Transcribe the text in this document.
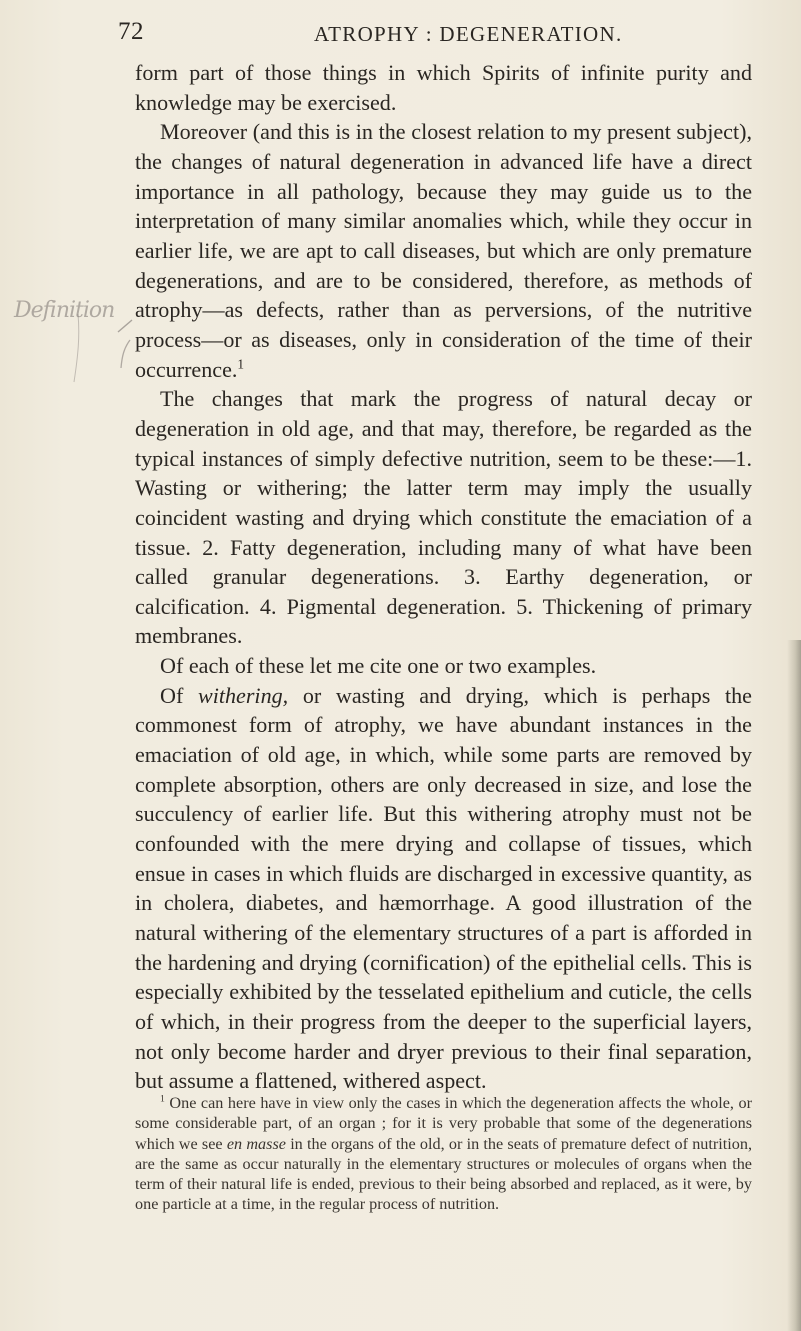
72	ATROPHY : DEGENERATION.
Definition

form part of those things in which Spirits of infinite purity and knowledge may be exercised.

Moreover (and this is in the closest relation to my present subject), the changes of natural degeneration in advanced life have a direct importance in all pathology, because they may guide us to the interpretation of many similar anomalies which, while they occur in earlier life, we are apt to call diseases, but which are only premature degenerations, and are to be considered, therefore, as methods of atrophy—as defects, rather than as perversions, of the nutritive process—or as diseases, only in consideration of the time of their occurrence.$^1$

The changes that mark the progress of natural decay or degeneration in old age, and that may, therefore, be regarded as the typical instances of simply defective nutrition, seem to be these:—1. Wasting or withering; the latter term may imply the usually coincident wasting and drying which constitute the emaciation of a tissue. 2. Fatty degeneration, including many of what have been called granular degenerations. 3. Earthy degeneration, or calcification. 4. Pigmental degeneration. 5. Thickening of primary membranes.

Of each of these let me cite one or two examples.

Of withering, or wasting and drying, which is perhaps the commonest form of atrophy, we have abundant instances in the emaciation of old age, in which, while some parts are removed by complete absorption, others are only decreased in size, and lose the succulency of earlier life. But this withering atrophy must not be confounded with the mere drying and collapse of tissues, which ensue in cases in which fluids are discharged in excessive quantity, as in cholera, diabetes, and hæmorrhage. A good illustration of the natural withering of the elementary structures of a part is afforded in the hardening and drying (cornification) of the epithelial cells. This is especially exhibited by the tesselated epithelium and cuticle, the cells of which, in their progress from the deeper to the superficial layers, not only become harder and dryer previous to their final separation, but assume a flattened, withered aspect.

$^1$ One can here have in view only the cases in which the degeneration affects the whole, or some considerable part, of an organ ; for it is very probable that some of the degenerations which we see en masse in the organs of the old, or in the seats of premature defect of nutrition, are the same as occur naturally in the elementary structures or molecules of organs when the term of their natural life is ended, previous to their being absorbed and replaced, as it were, by one particle at a time, in the regular process of nutrition.
